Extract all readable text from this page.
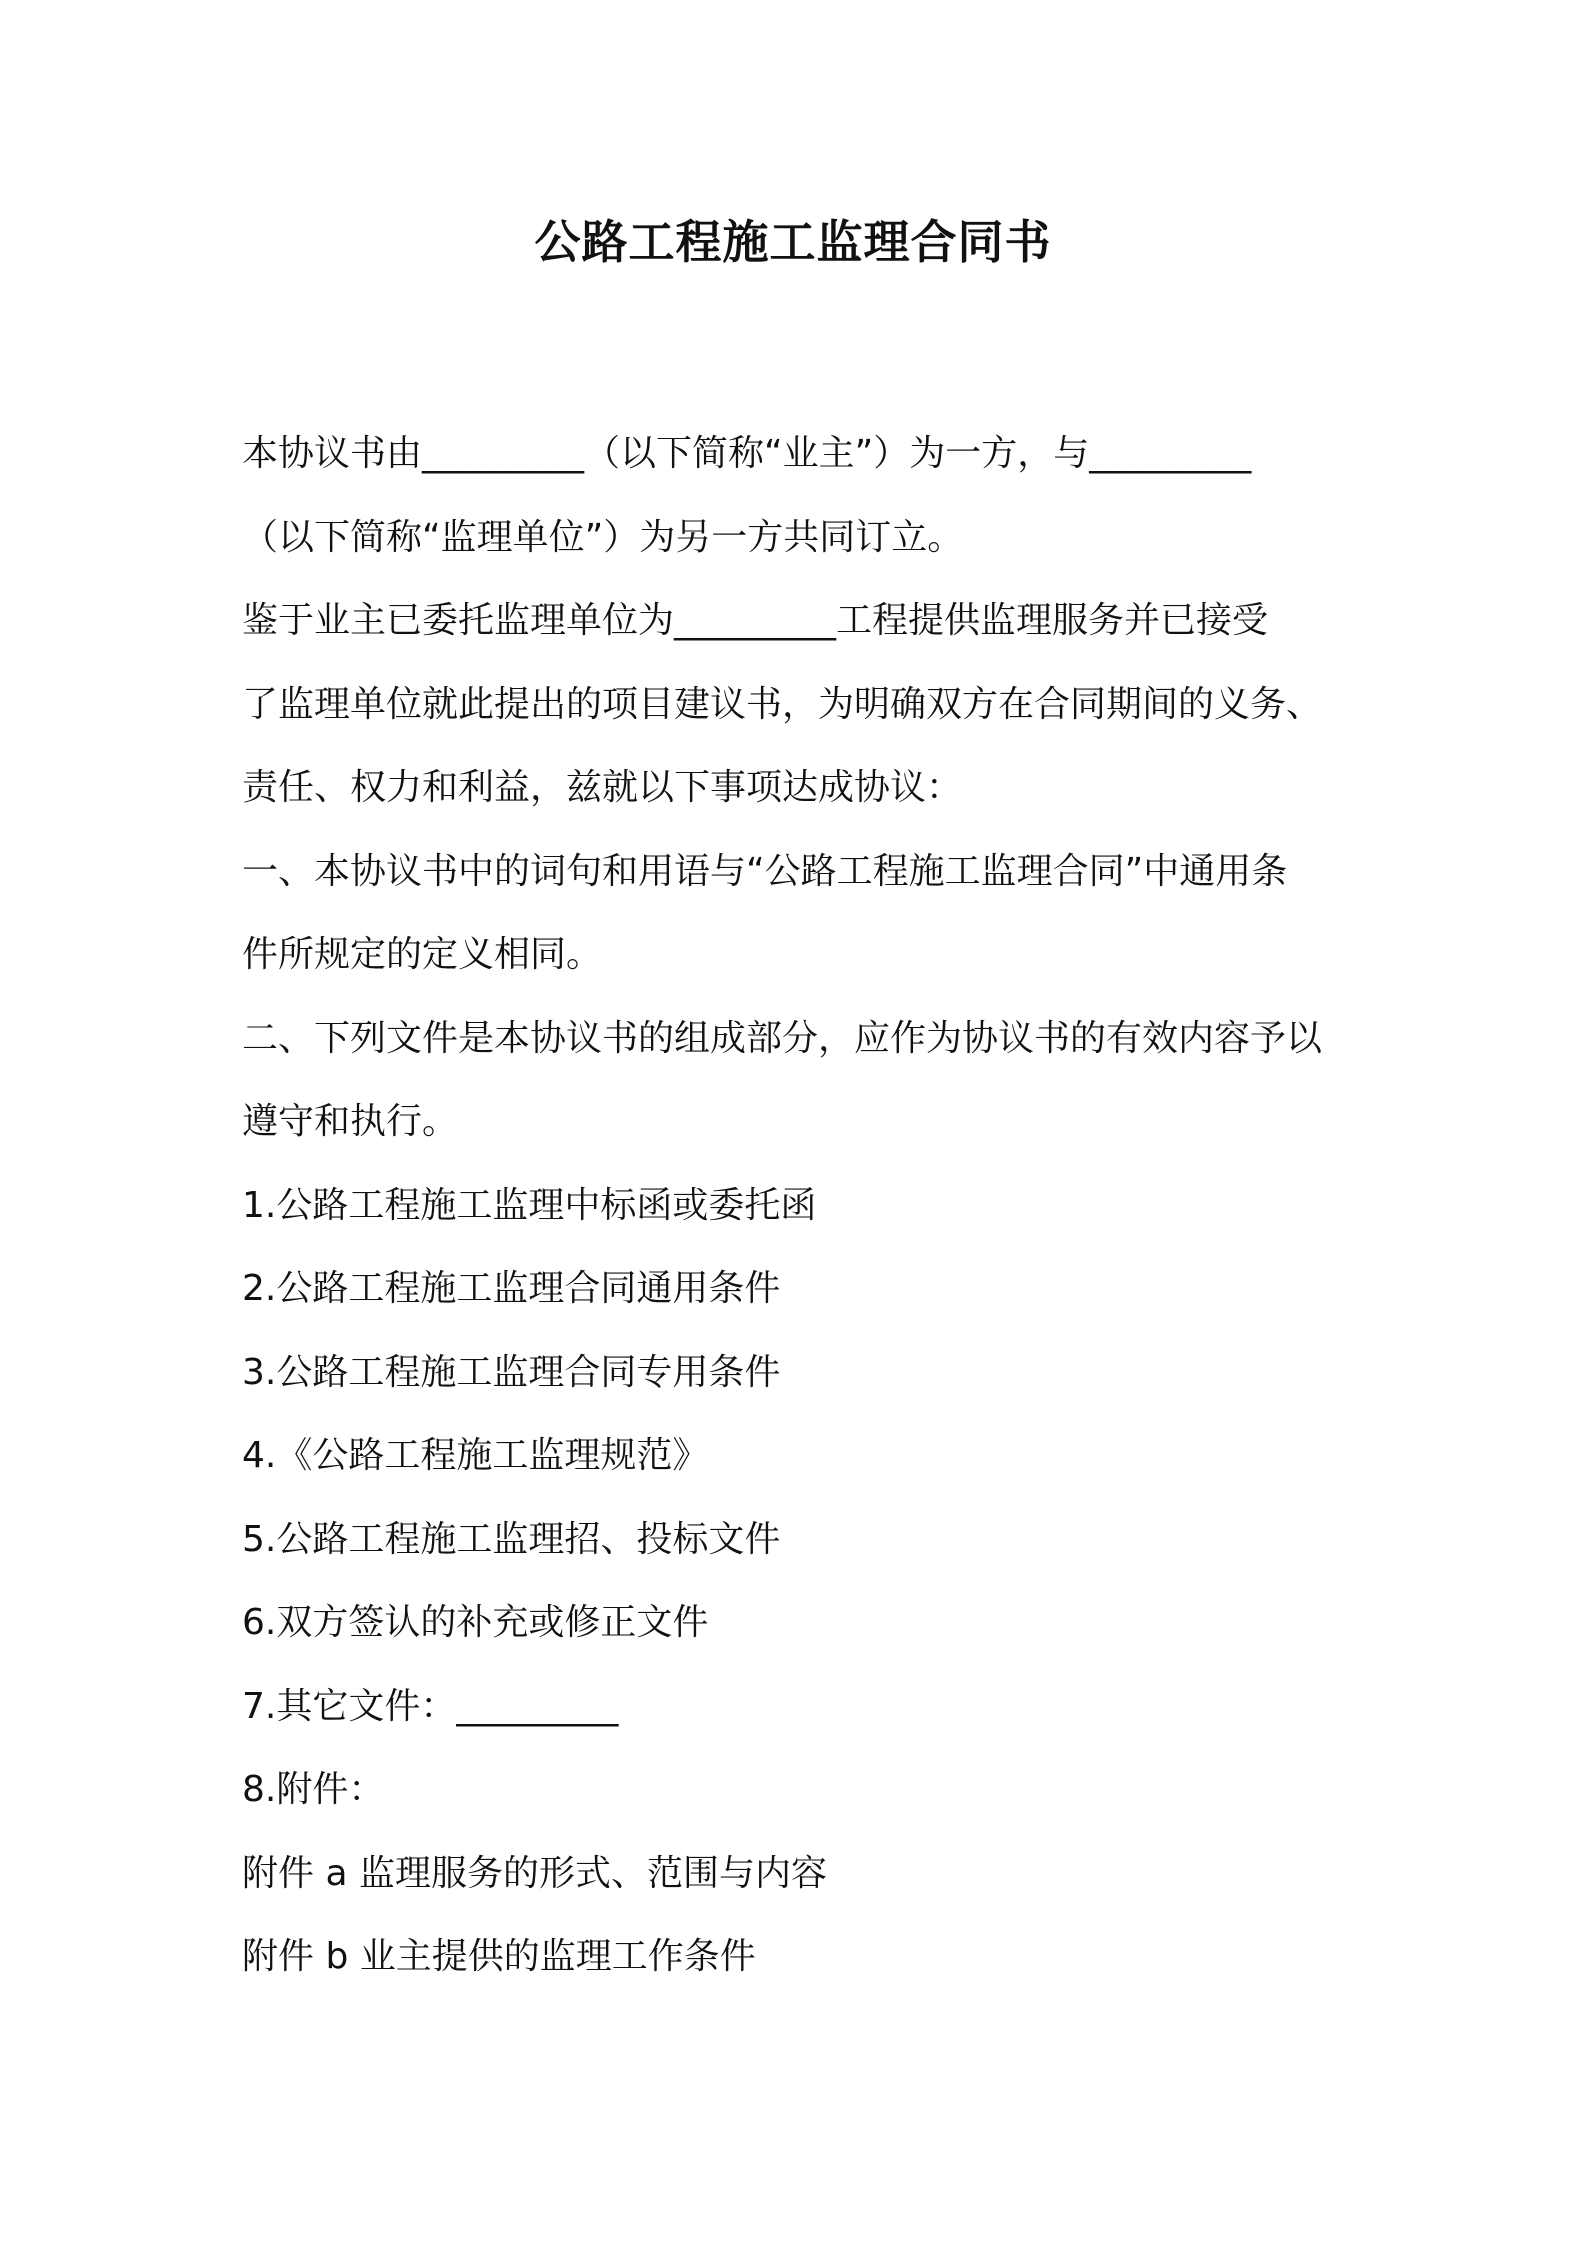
公路工程施工监理合同书

本协议书由_________（以下简称“业主”）为一方，与_________

（以下简称“监理单位”）为另一方共同订立。

鉴于业主已委托监理单位为_________工程提供监理服务并已接受

了监理单位就此提出的项目建议书，为明确双方在合同期间的义务、

责任、权力和利益，兹就以下事项达成协议：

一、本协议书中的词句和用语与“公路工程施工监理合同”中通用条

件所规定的定义相同。

二、下列文件是本协议书的组成部分，应作为协议书的有效内容予以

遵守和执行。

1.公路工程施工监理中标函或委托函

2.公路工程施工监理合同通用条件

3.公路工程施工监理合同专用条件

4.《公路工程施工监理规范》

5.公路工程施工监理招、投标文件

6.双方签认的补充或修正文件

7.其它文件：_________

8.附件：

附件 a 监理服务的形式、范围与内容

附件 b 业主提供的监理工作条件
